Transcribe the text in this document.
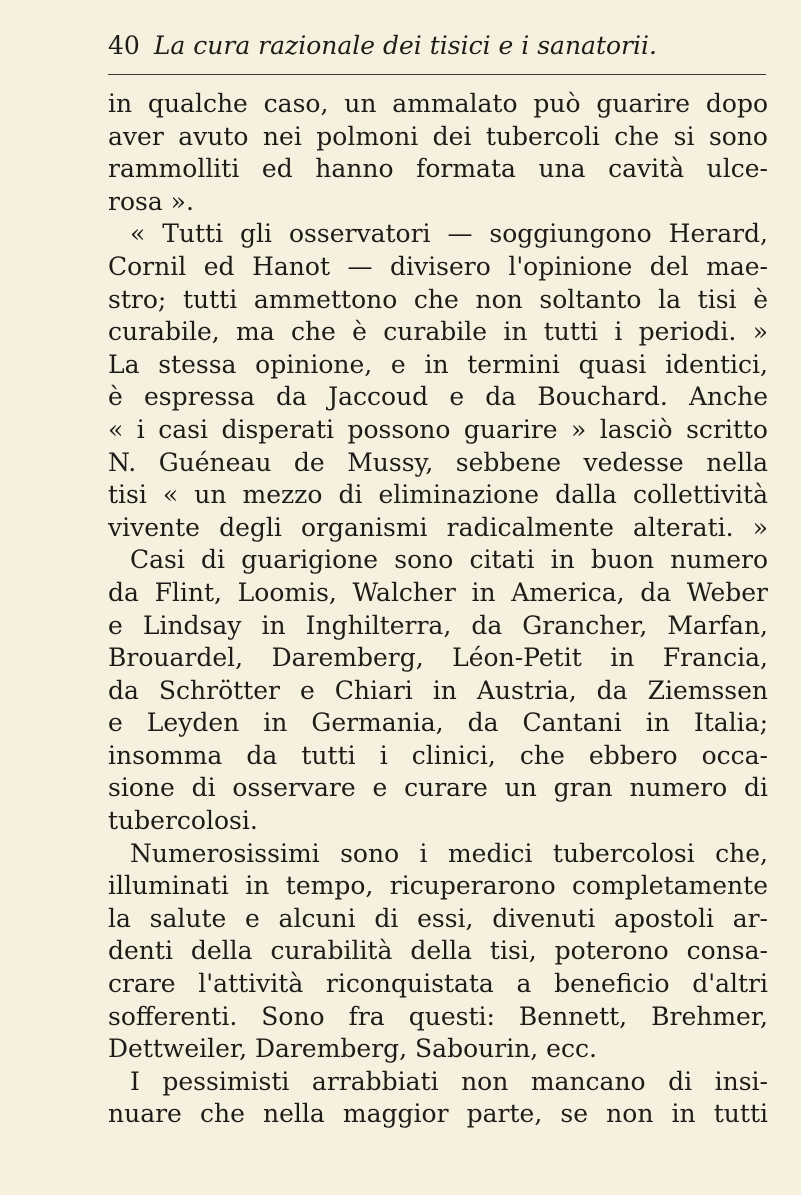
40 La cura razionale dei tisici e i sanatorii.
in qualche caso, un ammalato può guarire dopo
aver avuto nei polmoni dei tubercoli che si sono
rammolliti ed hanno formata una cavità ulce-
rosa ».
« Tutti gli osservatori — soggiungono Herard,
Cornil ed Hanot — divisero l'opinione del mae-
stro; tutti ammettono che non soltanto la tisi è
curabile, ma che è curabile in tutti i periodi. »
La stessa opinione, e in termini quasi identici,
è espressa da Jaccoud e da Bouchard. Anche
« i casi disperati possono guarire » lasciò scritto
N. Guéneau de Mussy, sebbene vedesse nella
tisi « un mezzo di eliminazione dalla collettività
vivente degli organismi radicalmente alterati. »
Casi di guarigione sono citati in buon numero
da Flint, Loomis, Walcher in America, da Weber
e Lindsay in Inghilterra, da Grancher, Marfan,
Brouardel, Daremberg, Léon-Petit in Francia,
da Schrötter e Chiari in Austria, da Ziemssen
e Leyden in Germania, da Cantani in Italia;
insomma da tutti i clinici, che ebbero occa-
sione di osservare e curare un gran numero di
tubercolosi.
Numerosissimi sono i medici tubercolosi che,
illuminati in tempo, ricuperarono completamente
la salute e alcuni di essi, divenuti apostoli ar-
denti della curabilità della tisi, poterono consa-
crare l'attività riconquistata a beneficio d'altri
sofferenti. Sono fra questi: Bennett, Brehmer,
Dettweiler, Daremberg, Sabourin, ecc.
I pessimisti arrabbiati non mancano di insi-
nuare che nella maggior parte, se non in tutti
